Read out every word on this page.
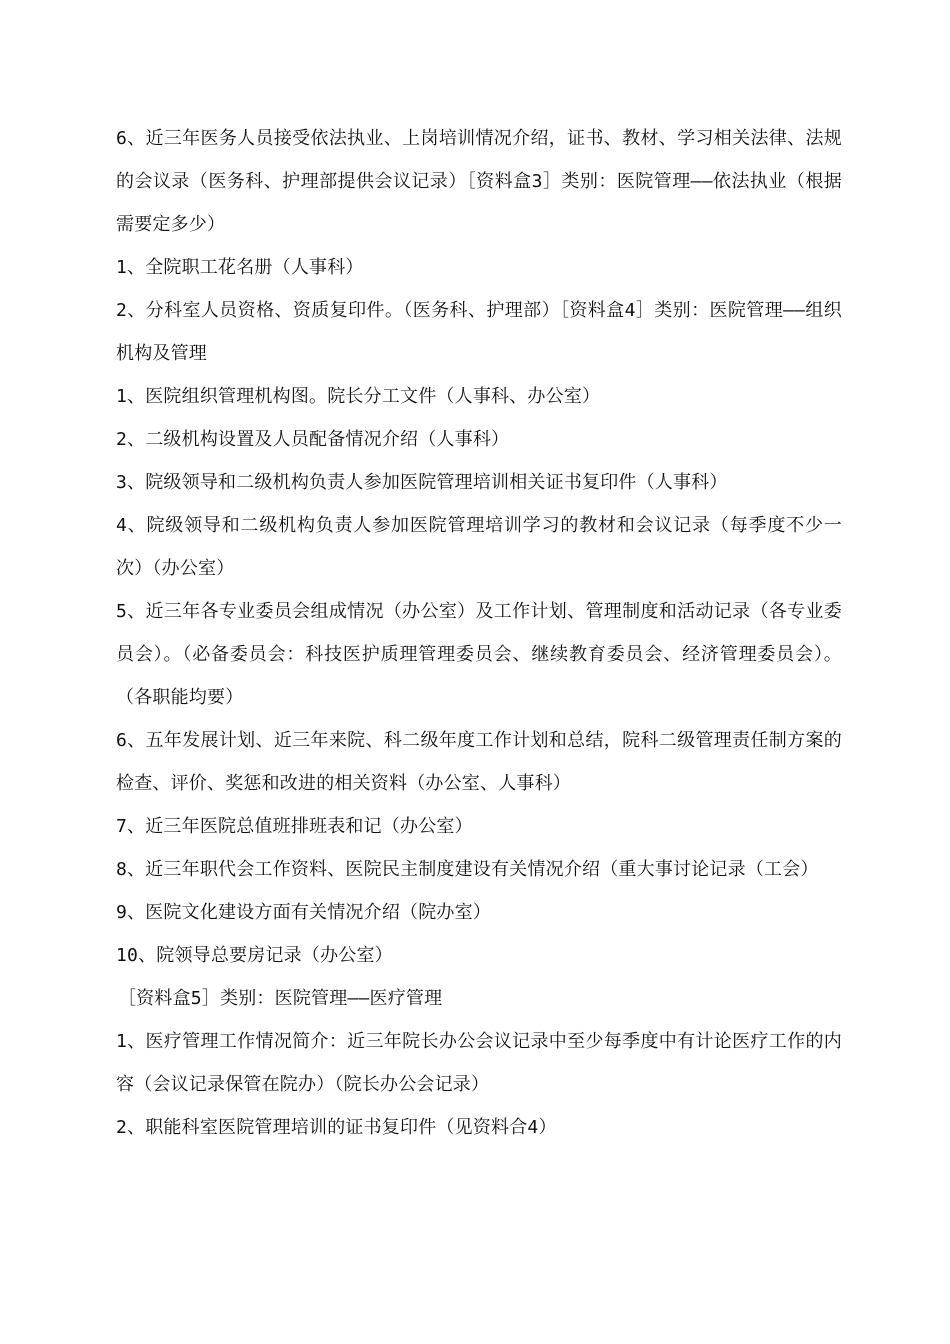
6、近三年医务人员接受依法执业、上岗培训情况介绍，证书、教材、学习相关法律、法规的会议录（医务科、护理部提供会议记录）［资料盒3］类别：医院管理——依法执业（根据需要定多少）

1、全院职工花名册（人事科）

2、分科室人员资格、资质复印件。（医务科、护理部）［资料盒4］类别：医院管理——组织机构及管理

1、医院组织管理机构图。院长分工文件（人事科、办公室）

2、二级机构设置及人员配备情况介绍（人事科）

3、院级领导和二级机构负责人参加医院管理培训相关证书复印件（人事科）

4、院级领导和二级机构负责人参加医院管理培训学习的教材和会议记录（每季度不少一次）（办公室）

5、近三年各专业委员会组成情况（办公室）及工作计划、管理制度和活动记录（各专业委员会）。（必备委员会：科技医护质理管理委员会、继续教育委员会、经济管理委员会）。（各职能均要）

6、五年发展计划、近三年来院、科二级年度工作计划和总结，院科二级管理责任制方案的检查、评价、奖惩和改进的相关资料（办公室、人事科）

7、近三年医院总值班排班表和记（办公室）

8、近三年职代会工作资料、医院民主制度建设有关情况介绍（重大事讨论记录（工会）

9、医院文化建设方面有关情况介绍（院办室）

10、院领导总要房记录（办公室）

［资料盒5］类别：医院管理——医疗管理

1、医疗管理工作情况简介：近三年院长办公会议记录中至少每季度中有计论医疗工作的内容（会议记录保管在院办）（院长办公会记录）

2、职能科室医院管理培训的证书复印件（见资料合4）
